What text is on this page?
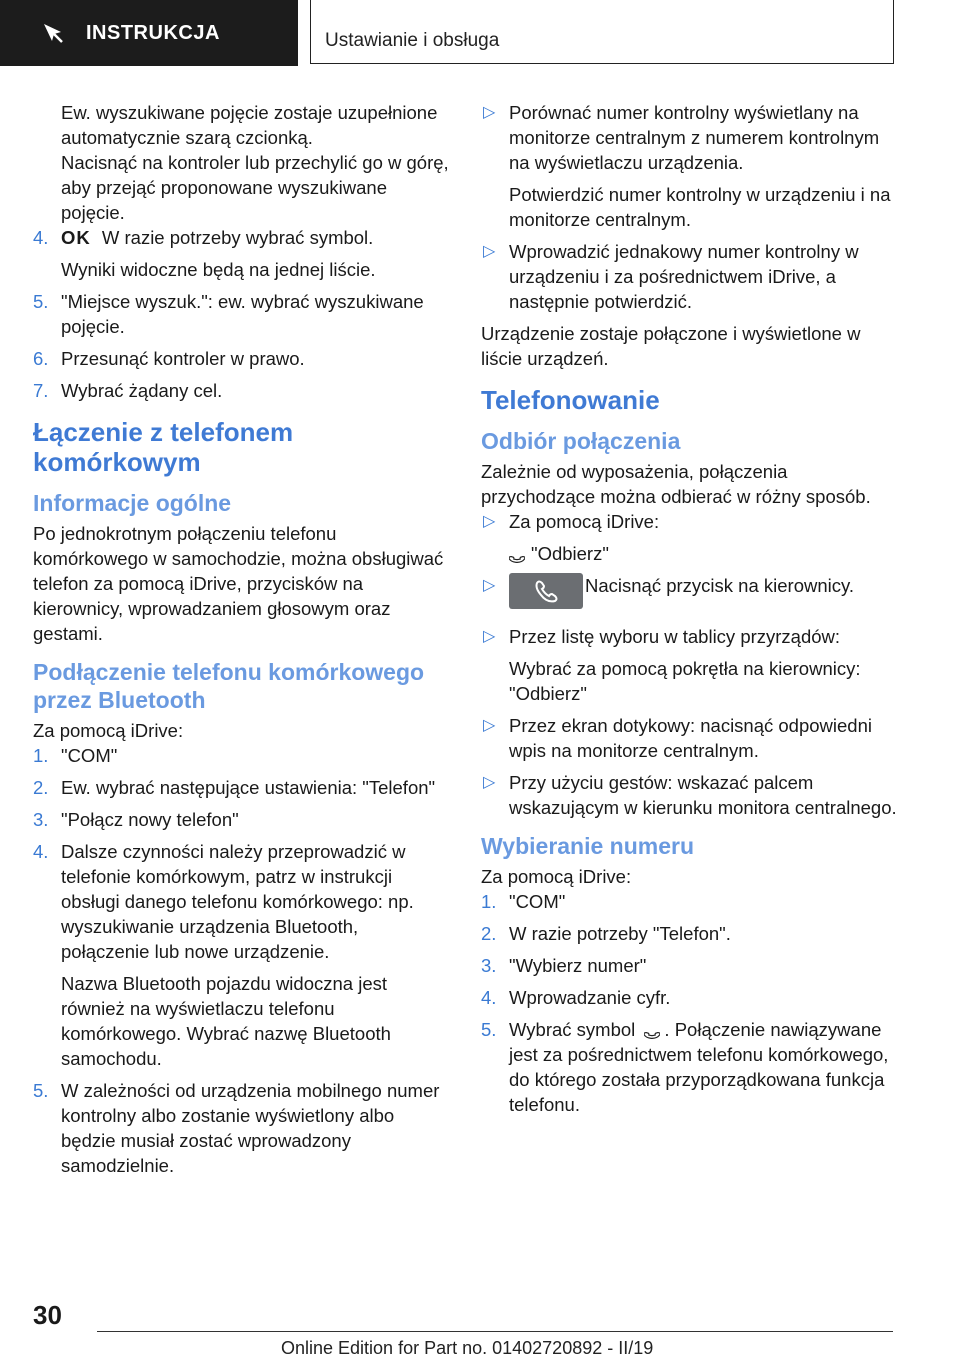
INSTRUKCJA	Ustawianie i obsługa

Ew. wyszukiwane pojęcie zostaje uzupełnione automatycznie szarą czcionką.

Nacisnąć na kontroler lub przechylić go w górę, aby przejąć proponowane wyszukiwane pojęcie.

4. OK W razie potrzeby wybrać symbol.

Wyniki widoczne będą na jednej liście.

5. "Miejsce wyszuk.": ew. wybrać wyszukiwane pojęcie.

6. Przesunąć kontroler w prawo.

7. Wybrać żądany cel.

Łączenie z telefonem komórkowym
Informacje ogólne

Po jednokrotnym połączeniu telefonu komórkowego w samochodzie, można obsługiwać telefon za pomocą iDrive, przycisków na kierownicy, wprowadzaniem głosowym oraz gestami.

Podłączenie telefonu komórkowego przez Bluetooth

Za pomocą iDrive:

1. "COM"

2. Ew. wybrać następujące ustawienia: "Telefon"

3. "Połącz nowy telefon"

4. Dalsze czynności należy przeprowadzić w telefonie komórkowym, patrz w instrukcji obsługi danego telefonu komórkowego: np. wyszukiwanie urządzenia Bluetooth, połączenie lub nowe urządzenie.

Nazwa Bluetooth pojazdu widoczna jest również na wyświetlaczu telefonu komórkowego. Wybrać nazwę Bluetooth samochodu.

5. W zależności od urządzenia mobilnego numer kontrolny albo zostanie wyświetlony albo będzie musiał zostać wprowadzony samodzielnie.

▷ Porównać numer kontrolny wyświetlany na monitorze centralnym z numerem kontrolnym na wyświetlaczu urządzenia.

Potwierdzić numer kontrolny w urządzeniu i na monitorze centralnym.

▷ Wprowadzić jednakowy numer kontrolny w urządzeniu i za pośrednictwem iDrive, a następnie potwierdzić.

Urządzenie zostaje połączone i wyświetlone w liście urządzeń.

Telefonowanie
Odbiór połączenia

Zależnie od wyposażenia, połączenia przychodzące można odbierać w różny sposób.

▷ Za pomocą iDrive:

"Odbierz"

▷	Nacisnąć przycisk na kierownicy.

▷ Przez listę wyboru w tablicy przyrządów:

Wybrać za pomocą pokrętła na kierownicy: "Odbierz"

▷ Przez ekran dotykowy: nacisnąć odpowiedni wpis na monitorze centralnym.

▷ Przy użyciu gestów: wskazać palcem wskazującym w kierunku monitora centralnego.

Wybieranie numeru

Za pomocą iDrive:

1. "COM"

2. W razie potrzeby "Telefon".

3. "Wybierz numer"

4. Wprowadzanie cyfr.

5. Wybrać symbol . Połączenie nawiązywane jest za pośrednictwem telefonu komórkowego, do którego została przyporządkowana funkcja telefonu.

30
Online Edition for Part no. 01402720892 - II/19
